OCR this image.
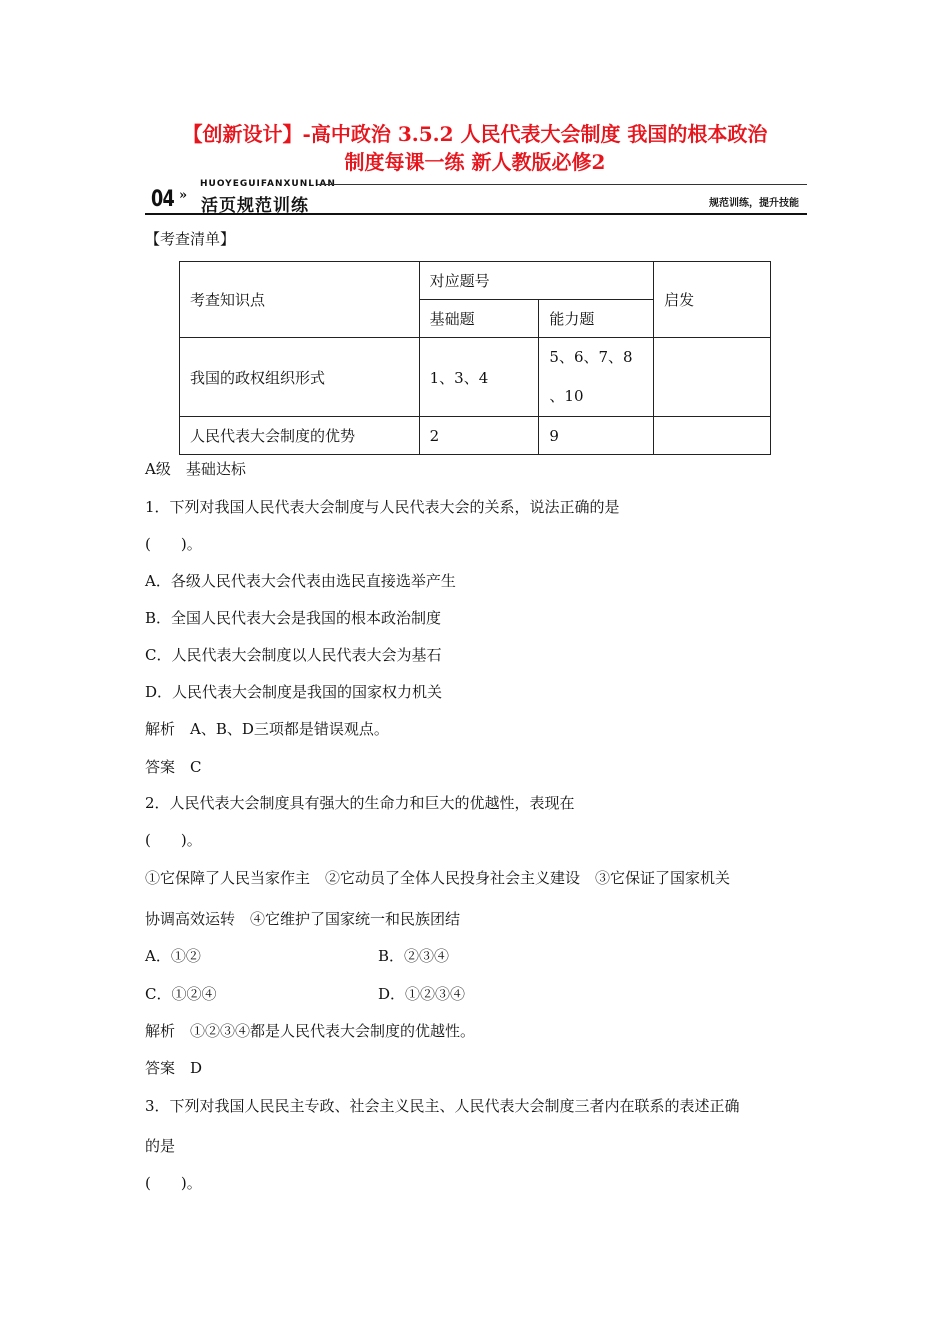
【创新设计】-高中政治 3.5.2 人民代表大会制度 我国的根本政治
制度每课一练 新人教版必修2
04 »
HUOYEGUIFANXUNLIAN
活页规范训练	规范训练，提升技能
【考查清单】
考查知识点	对应题号		启发
	基础题	能力题	
我国的政权组织形式	1、3、4	5、6、7、8
、10	

人民代表大会制度的优势	2	9	
A级　基础达标
1．下列对我国人民代表大会制度与人民代表大会的关系，说法正确的是
(　　)。
A．各级人民代表大会代表由选民直接选举产生
B．全国人民代表大会是我国的根本政治制度
C．人民代表大会制度以人民代表大会为基石
D．人民代表大会制度是我国的国家权力机关
解析　A、B、D三项都是错误观点。
答案　C
2．人民代表大会制度具有强大的生命力和巨大的优越性，表现在
(　　)。
①它保障了人民当家作主　②它动员了全体人民投身社会主义建设　③它保证了国家机关
协调高效运转　④它维护了国家统一和民族团结
A．①②	B．②③④
C．①②④	D．①②③④
解析　①②③④都是人民代表大会制度的优越性。
答案　D
3．下列对我国人民民主专政、社会主义民主、人民代表大会制度三者内在联系的表述正确
的是
(　　)。
